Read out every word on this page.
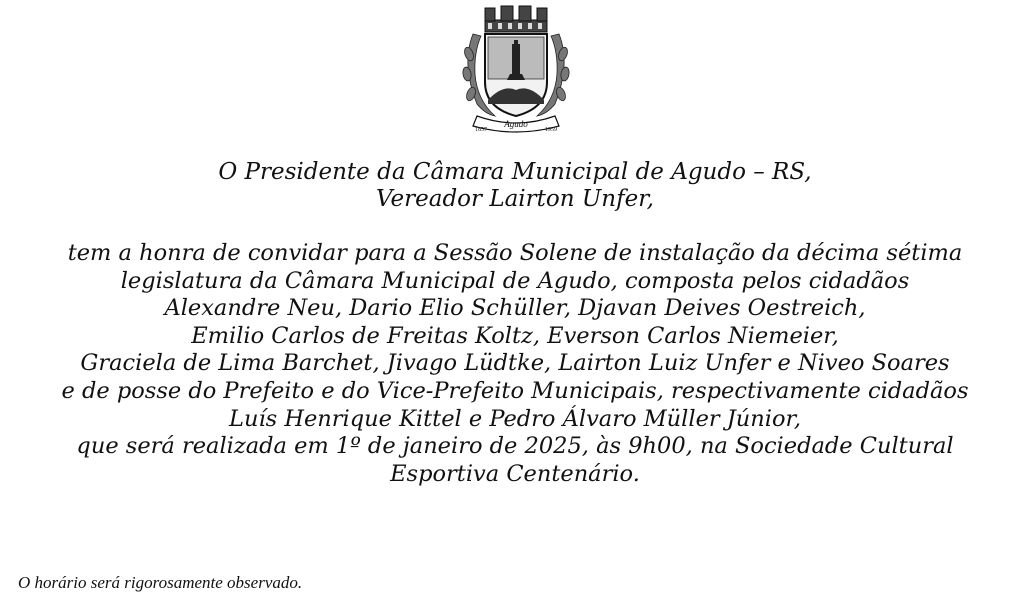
Agudo
1857	1959

O Presidente da Câmara Municipal de Agudo – RS,

Vereador Lairton Unfer,

tem a honra de convidar para a Sessão Solene de instalação da décima sétima
legislatura da Câmara Municipal de Agudo, composta pelos cidadãos
Alexandre Neu, Dario Elio Schüller, Djavan Deives Oestreich,
Emilio Carlos de Freitas Koltz, Everson Carlos Niemeier,
Graciela de Lima Barchet, Jivago Lüdtke, Lairton Luiz Unfer e Niveo Soares
e de posse do Prefeito e do Vice-Prefeito Municipais, respectivamente cidadãos
Luís Henrique Kittel e Pedro Álvaro Müller Júnior,
que será realizada em 1º de janeiro de 2025, às 9h00, na Sociedade Cultural
Esportiva Centenário.
O horário será rigorosamente observado.
